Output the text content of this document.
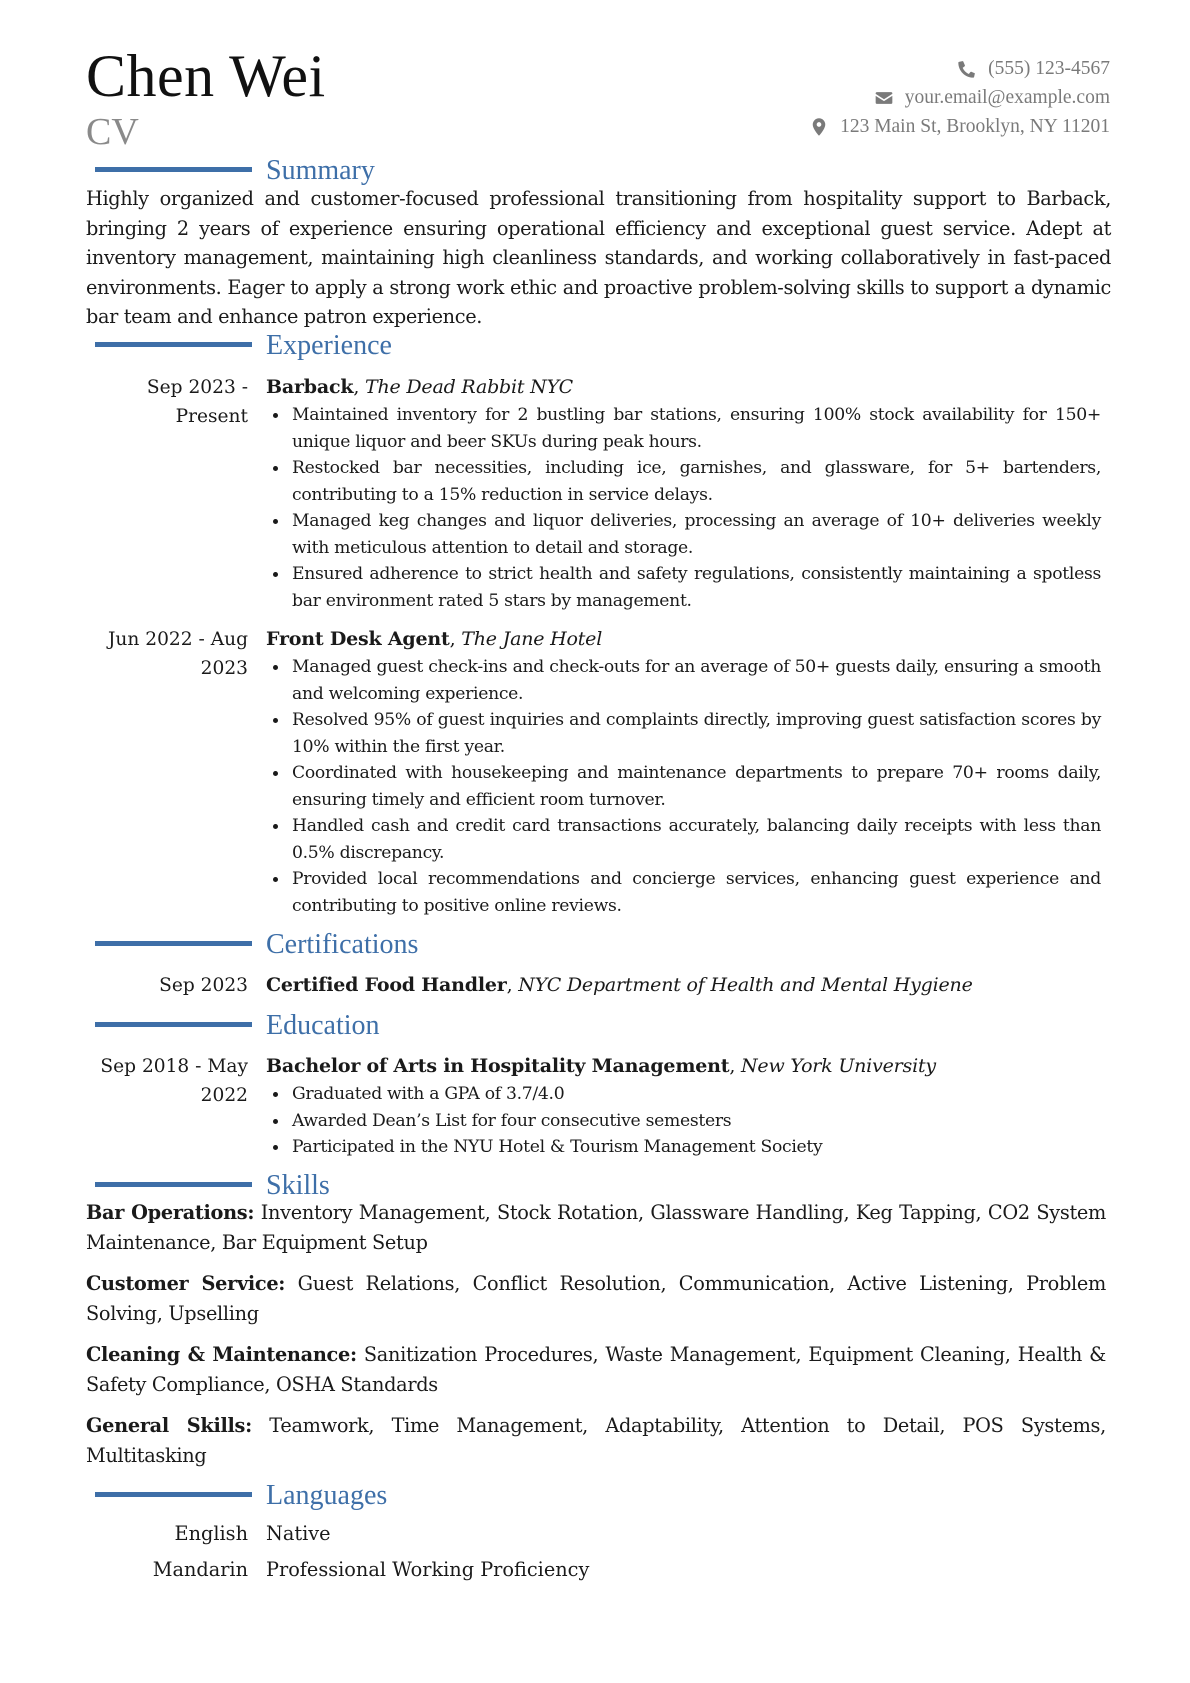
Chen Wei
CV
(555) 123-4567
your.email@example.com
123 Main St, Brooklyn, NY 11201
Summary
Highly organized and customer-focused professional transitioning from hospitality support to Barback, bringing 2 years of experience ensuring operational efficiency and exceptional guest service. Adept at inventory management, maintaining high cleanliness standards, and working collaboratively in fast-paced environments. Eager to apply a strong work ethic and proactive problem-solving skills to support a dynamic bar team and enhance patron experience.
Experience
Sep 2023 - Present
Barback, The Dead Rabbit NYC
Maintained inventory for 2 bustling bar stations, ensuring 100% stock availability for 150+ unique liquor and beer SKUs during peak hours.
Restocked bar necessities, including ice, garnishes, and glassware, for 5+ bartenders, contributing to a 15% reduction in service delays.
Managed keg changes and liquor deliveries, processing an average of 10+ deliveries weekly with meticulous attention to detail and storage.
Ensured adherence to strict health and safety regulations, consistently maintaining a spotless bar environment rated 5 stars by management.
Jun 2022 - Aug 2023
Front Desk Agent, The Jane Hotel
Managed guest check-ins and check-outs for an average of 50+ guests daily, ensuring a smooth and welcoming experience.
Resolved 95% of guest inquiries and complaints directly, improving guest satisfaction scores by 10% within the first year.
Coordinated with housekeeping and maintenance departments to prepare 70+ rooms daily, ensuring timely and efficient room turnover.
Handled cash and credit card transactions accurately, balancing daily receipts with less than 0.5% discrepancy.
Provided local recommendations and concierge services, enhancing guest experience and contributing to positive online reviews.
Certifications
Sep 2023 Certified Food Handler, NYC Department of Health and Mental Hygiene
Education
Sep 2018 - May 2022
Bachelor of Arts in Hospitality Management, New York University
Graduated with a GPA of 3.7/4.0
Awarded Dean’s List for four consecutive semesters
Participated in the NYU Hotel & Tourism Management Society
Skills
Bar Operations: Inventory Management, Stock Rotation, Glassware Handling, Keg Tapping, CO2 System Maintenance, Bar Equipment Setup
Customer Service: Guest Relations, Conflict Resolution, Communication, Active Listening, Problem Solving, Upselling
Cleaning & Maintenance: Sanitization Procedures, Waste Management, Equipment Cleaning, Health & Safety Compliance, OSHA Standards
General Skills: Teamwork, Time Management, Adaptability, Attention to Detail, POS Systems, Multitasking
Languages
English Native
Mandarin Professional Working Proficiency
